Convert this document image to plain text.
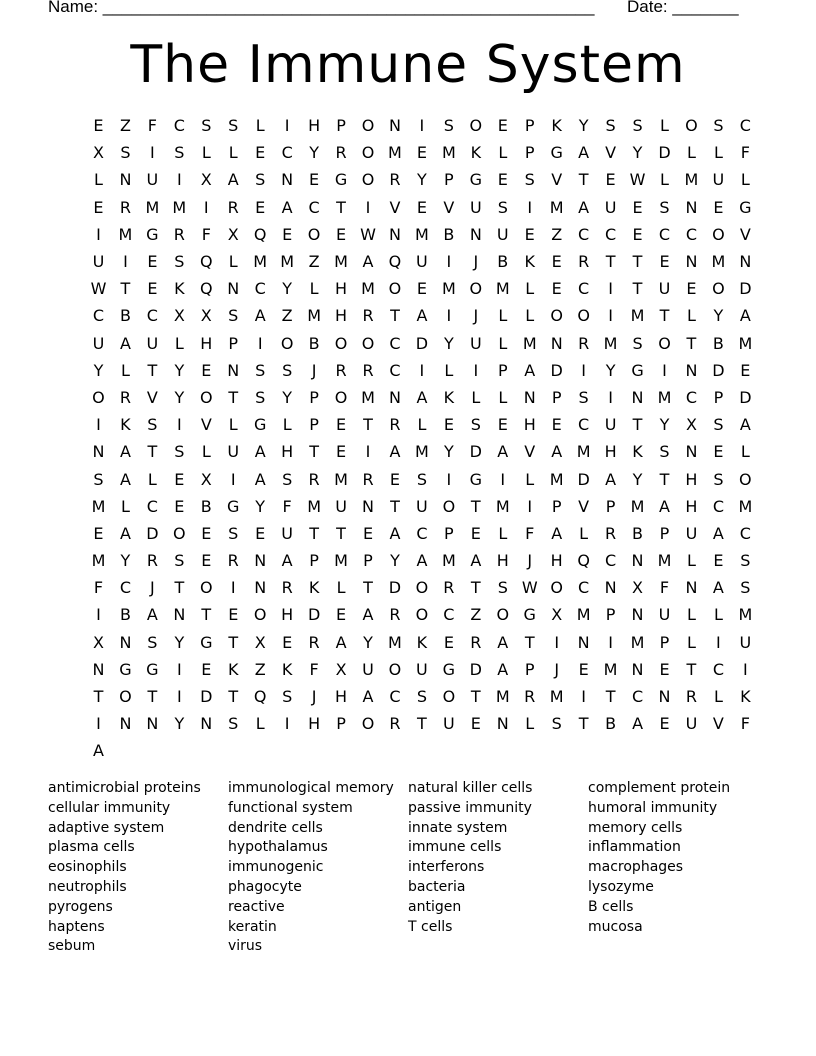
Name: ____________________________________________________

Date: _______

The Immune System
E	Z	F	C	S	S	L	I	H	P O N	I	S O E	P	K	Y	S	S	L	O S	C
X	S	I	S	L	L	E	C	Y	R O M E M K	L	P G A	V	Y D	L	L	F
L	N U	I	X	A	S N E G O R	Y	P G E	S	V	T	E W L M U	L
E	R M M	I	R	E	A C	T	I	V	E	V U	S	I	M A U	E	S N E G
I	M G R	F	X Q E O E W N M B N U	E	Z C C	E	C C O V
U	I	E	S Q	L M M Z M A Q U	I	J	B	K	E	R	T	T	E N M N
W T	E	K Q N C	Y	L	H M O E M O M L	E	C	I	T	U	E O D
C B C X X	S	A Z M H R	T	A	I	J	L	L	O O	I	M T	L	Y	A
U A U	L	H	P	I	O B O O C D Y	U	L M N R M S O T	B M
Y	L	T	Y	E N S	S	J	R R C	I	L	I	P	A D	I	Y G	I	N D E
O R V	Y O T	S	Y	P O M N A	K	L	L	N	P	S	I	N M C	P D
I	K	S	I	V	L	G	L	P	E	T	R	L	E	S	E H E	C U	T	Y	X	S	A
N A	T	S	L	U A H	T	E	I	A M Y D A	V	A M H K	S N E	L
S	A	L	E	X	I	A	S	R M R	E	S	I	G	I	L M D A	Y	T	H S O
M L	C	E	B G Y	F M U N	T	U O T M	I	P	V	P M A H C M
E	A D O E	S	E	U	T	T	E	A C	P	E	L	F	A	L	R B	P	U A C
M Y	R	S	E	R N A	P M P	Y	A M A H	J	H Q C N M L	E	S
F	C	J	T O	I	N R	K	L	T D O R	T	S W O C N X	F	N A	S
I	B A N	T	E O H D E	A R O C Z O G X M P	N U	L	L M
X N S	Y G T	X	E	R A	Y M K	E	R A	T	I	N	I	M P	L	I	U
N G G	I	E	K	Z	K	F	X U O U G D A	P	J	E M N E	T	C	I
T O T	I	D T Q S	J	H A C	S O T M R M	I	T	C N R	L	K
I	N N	Y	N S	L	I	H	P O R	T	U	E N	L	S	T	B A	E	U V	F
A
antimicrobial proteins
cellular immunity
adaptive system
plasma cells
eosinophils
neutrophils
pyrogens
haptens
sebum
immunological memory
functional system
dendrite cells
hypothalamus
immunogenic
phagocyte
reactive
keratin
virus
natural killer cells
passive immunity
innate system
immune cells
interferons
bacteria
antigen
T cells
complement protein
humoral immunity
memory cells
inflammation
macrophages
lysozyme
B cells
mucosa
